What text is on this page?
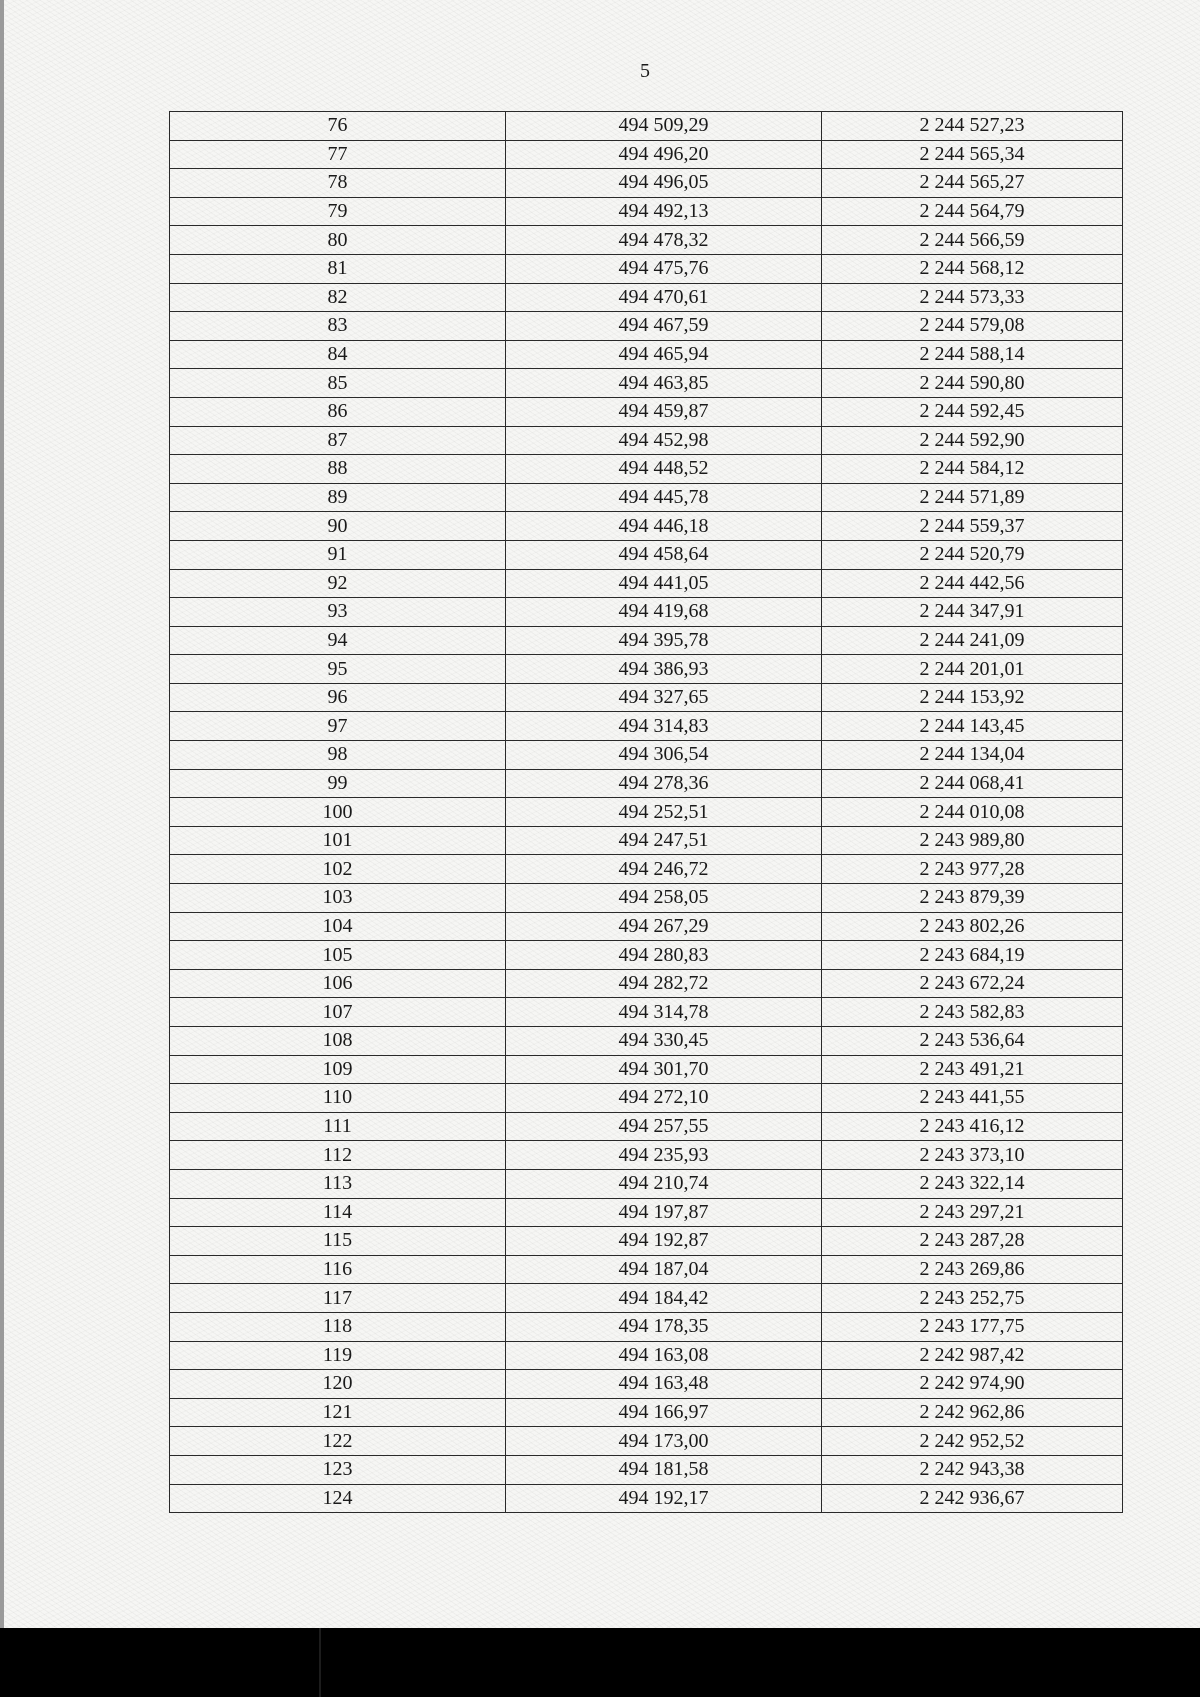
5
76	494 509,29	2 244 527,23
77	494 496,20	2 244 565,34
78	494 496,05	2 244 565,27
79	494 492,13	2 244 564,79
80	494 478,32	2 244 566,59
81	494 475,76	2 244 568,12
82	494 470,61	2 244 573,33
83	494 467,59	2 244 579,08
84	494 465,94	2 244 588,14
85	494 463,85	2 244 590,80
86	494 459,87	2 244 592,45
87	494 452,98	2 244 592,90
88	494 448,52	2 244 584,12
89	494 445,78	2 244 571,89
90	494 446,18	2 244 559,37
91	494 458,64	2 244 520,79
92	494 441,05	2 244 442,56
93	494 419,68	2 244 347,91
94	494 395,78	2 244 241,09
95	494 386,93	2 244 201,01
96	494 327,65	2 244 153,92
97	494 314,83	2 244 143,45
98	494 306,54	2 244 134,04
99	494 278,36	2 244 068,41
100	494 252,51	2 244 010,08
101	494 247,51	2 243 989,80
102	494 246,72	2 243 977,28
103	494 258,05	2 243 879,39
104	494 267,29	2 243 802,26
105	494 280,83	2 243 684,19
106	494 282,72	2 243 672,24
107	494 314,78	2 243 582,83
108	494 330,45	2 243 536,64
109	494 301,70	2 243 491,21
110	494 272,10	2 243 441,55
111	494 257,55	2 243 416,12
112	494 235,93	2 243 373,10
113	494 210,74	2 243 322,14
114	494 197,87	2 243 297,21
115	494 192,87	2 243 287,28
116	494 187,04	2 243 269,86
117	494 184,42	2 243 252,75
118	494 178,35	2 243 177,75
119	494 163,08	2 242 987,42
120	494 163,48	2 242 974,90
121	494 166,97	2 242 962,86
122	494 173,00	2 242 952,52
123	494 181,58	2 242 943,38
124	494 192,17	2 242 936,67
